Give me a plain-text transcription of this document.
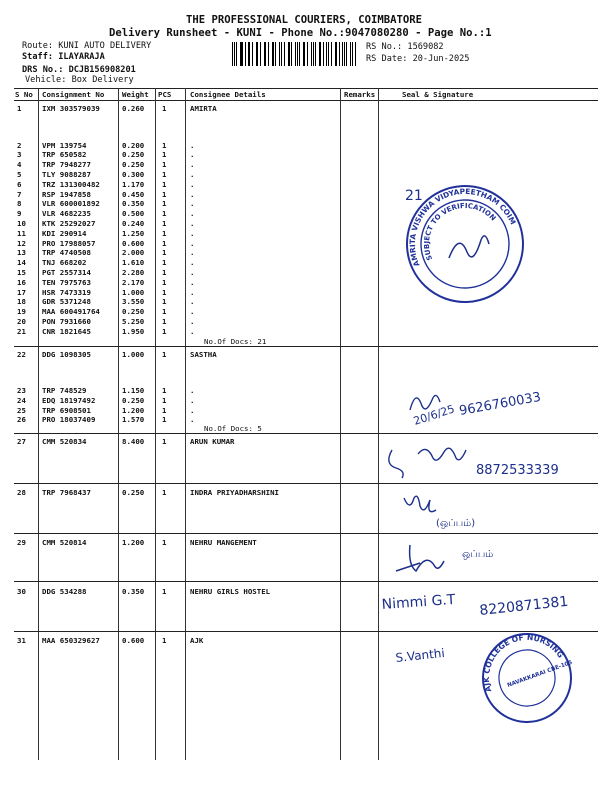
THE PROFESSIONAL COURIERS, COIMBATORE
Delivery Runsheet - KUNI - Phone No.:9047080280 - Page No.:1
Route: KUNI AUTO DELIVERY
Staff: ILAYARAJA
DRS No.: DCJB156908201
Vehicle: Box Delivery
RS No.: 1569082
RS Date: 20-Jun-2025
S No Consignment No Weight PCS	Consignee Details	Remarks	Seal & Signature
1	IXM 303579039	0.260 1	AMIRTA
2	VPM 139754	0.200 1	.
3	TRP 650582	0.250 1	.
4	TRP 7948277	0.250 1	.
5	TLY 9088287	0.300 1	.
6	TRZ 131300482	1.170 1	.
7	RSP 1947858	0.450 1	.
8	VLR 600001892	0.350 1	.
9	VLR 4682235	0.500 1	.
10 KTK 25292027	0.240 1	.
11 KDI 290914	1.250 1	.
12 PRO 17988057	0.600 1	.
13 TRP 4740508	2.000 1	.
14 TNJ 668202	1.610 1	.
15 PGT 2557314	2.280 1	.
16 TEN 7975763	2.170 1	.
17 HSR 7473319	1.000 1	.
18 GDR 5371248	3.550 1	.
19 MAA 600491764	0.250 1	.
20 PON 7931660	5.250 1	.
21 CNR 1821645	1.950 1	.
No.Of Docs: 21
22 DDG 1098305	1.000 1	SASTHA
23 TRP 748529	1.150 1	.
24 EDQ 18197492	0.250 1	.
25 TRP 6908501	1.200 1	.
26 PRO 18037409	1.570 1	.
No.Of Docs: 5
27 CMM 520834	8.400 1	ARUN KUMAR
28 TRP 7968437	0.250 1	INDRA PRIYADHARSHINI
29 CMM 520814	1.200 1	NEHRU MANGEMENT
30 DDG 534288	0.350 1	NEHRU GIRLS HOSTEL
31 MAA 650329627	0.600 1	AJK
20/6/25 9626760033
8872533339
(ஒப்பம்)
ஒப்பம்
Nimmi G.T 8220871381
S.Vanthi
AMRITA VISHWA VIDYAPEETHAM COIMBATORE
SUBJECT TO VERIFICATION
21
AJK COLLEGE OF NURSING
NAVAKKARAI CBE-105
